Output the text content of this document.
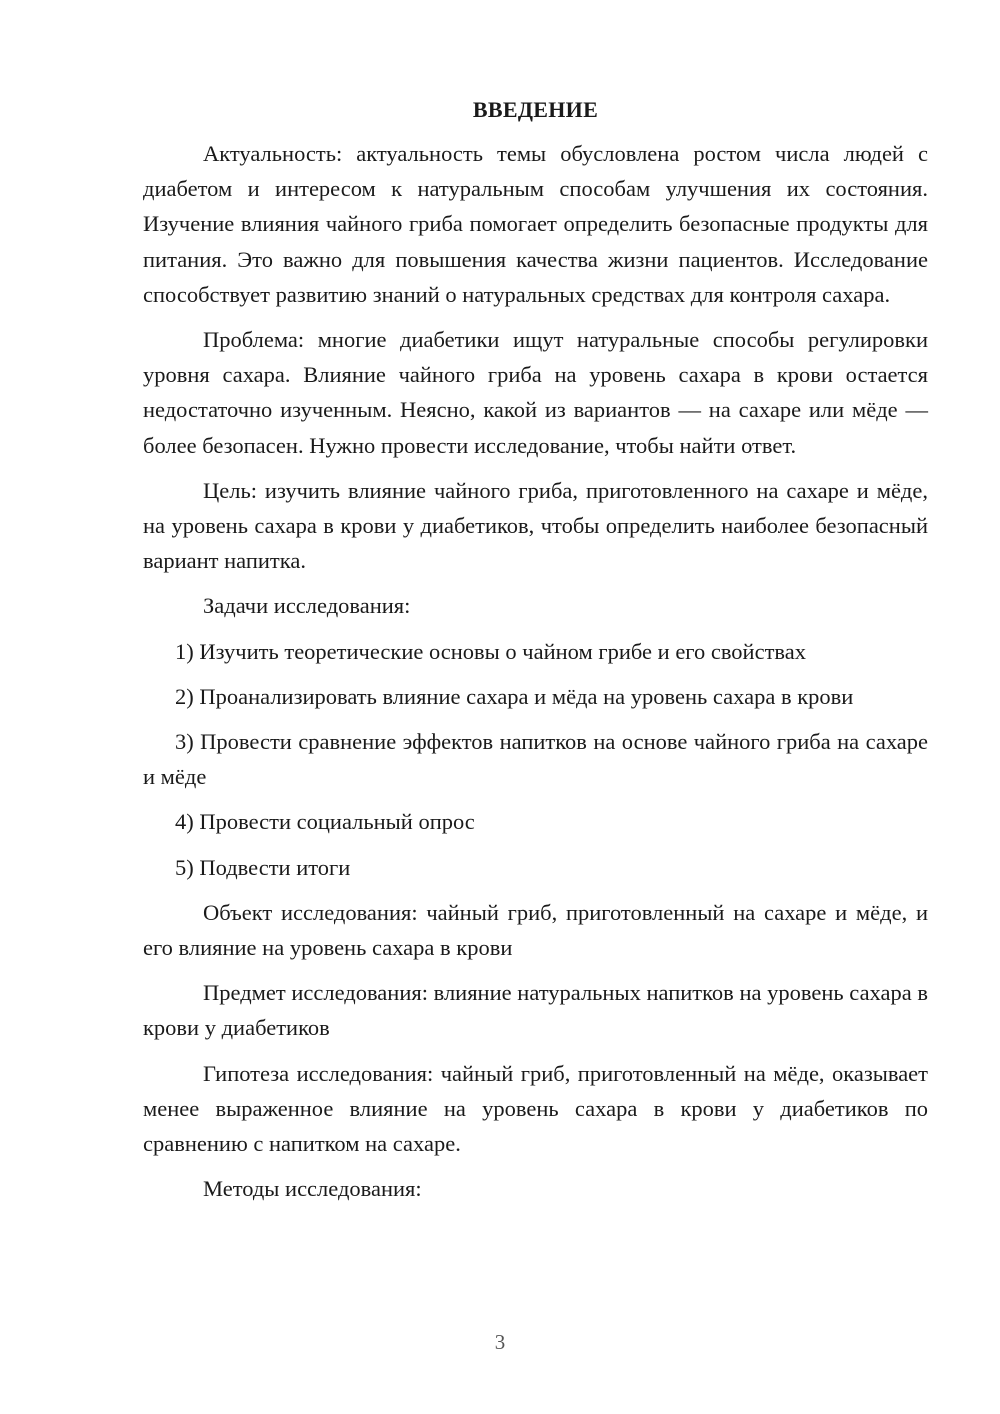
ВВЕДЕНИЕ

Актуальность: актуальность темы обусловлена ростом числа людей с диабетом и интересом к натуральным способам улучшения их состояния. Изучение влияния чайного гриба помогает определить безопасные продукты для питания. Это важно для повышения качества жизни пациентов. Исследование способствует развитию знаний о натуральных средствах для контроля сахара.

Проблема: многие диабетики ищут натуральные способы регулировки уровня сахара. Влияние чайного гриба на уровень сахара в крови остается недостаточно изученным. Неясно, какой из вариантов — на сахаре или мёде — более безопасен. Нужно провести исследование, чтобы найти ответ.

Цель: изучить влияние чайного гриба, приготовленного на сахаре и мёде, на уровень сахара в крови у диабетиков, чтобы определить наиболее безопасный вариант напитка.

Задачи исследования:

1) Изучить теоретические основы о чайном грибе и его свойствах

2) Проанализировать влияние сахара и мёда на уровень сахара в крови

3) Провести сравнение эффектов напитков на основе чайного гриба на сахаре и мёде

4) Провести социальный опрос

5) Подвести итоги

Объект исследования: чайный гриб, приготовленный на сахаре и мёде, и его влияние на уровень сахара в крови

Предмет исследования: влияние натуральных напитков на уровень сахара в крови у диабетиков

Гипотеза исследования: чайный гриб, приготовленный на мёде, оказывает менее выраженное влияние на уровень сахара в крови у диабетиков по сравнению с напитком на сахаре.

Методы исследования:

3
